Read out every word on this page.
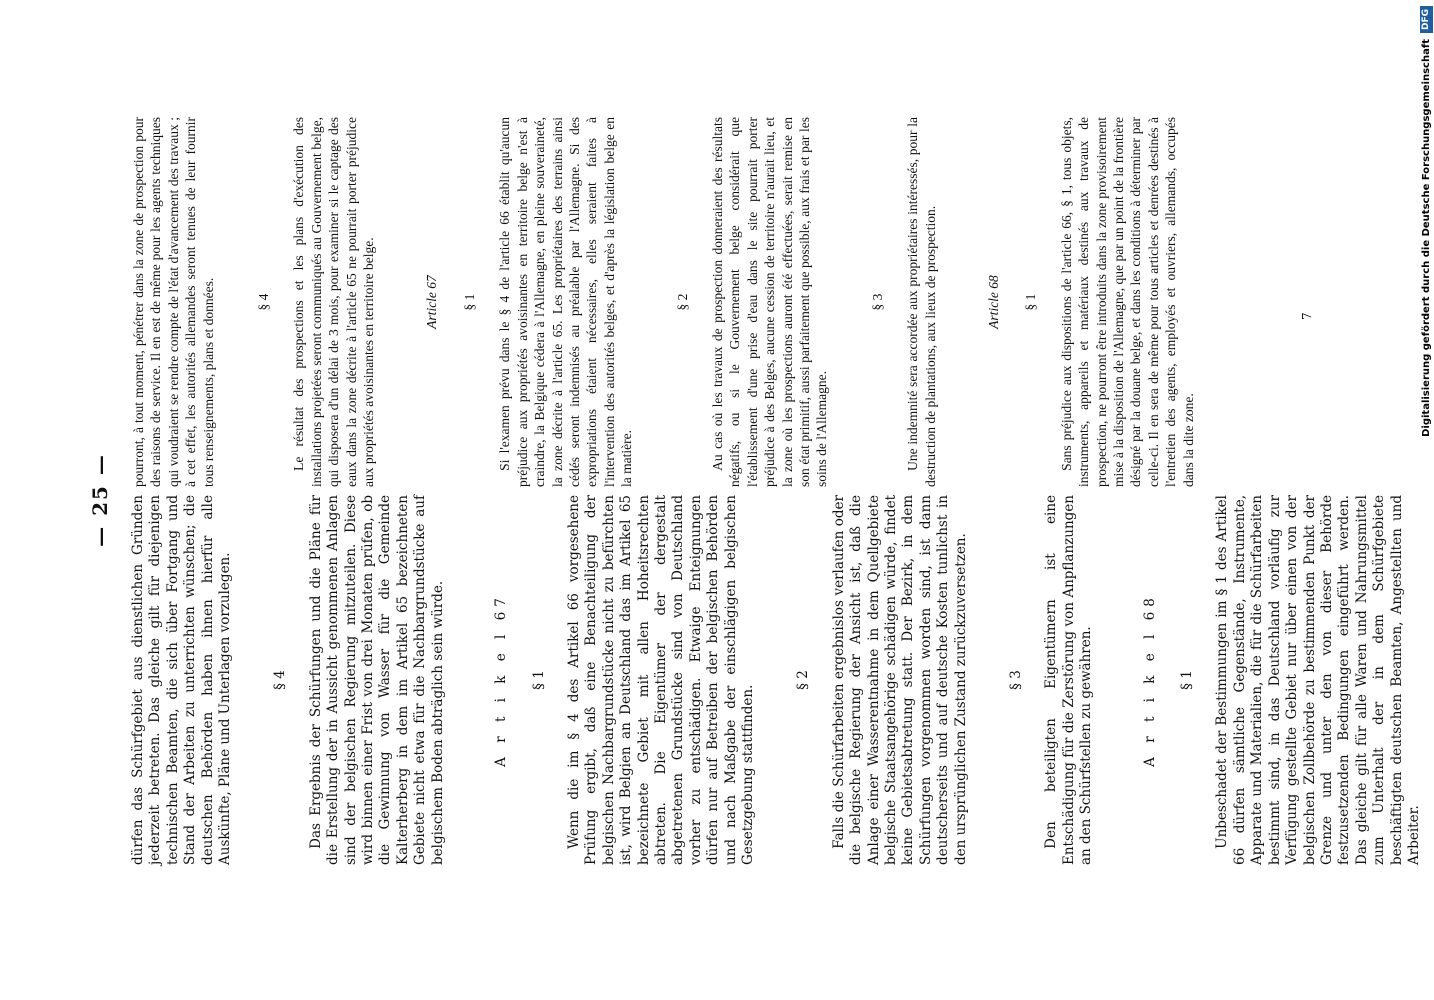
— 25 — dürfen das Schürfgebiet aus dienstlichen Gründen jederzeit betreten. Das gleiche gilt für diejenigen technischen Beamten, die sich über Fortgang und Stand der Arbeiten zu unterrichten wünschen; die deutschen Behörden haben ihnen hierfür alle Auskünfte, Pläne und Unterlagen vorzulegen.	§ 4 Das Ergebnis der Schürfungen und die Pläne für die Erstellung der in Aussicht genommenen Anlagen sind der belgischen Regierung mitzuteilen. Diese wird binnen einer Frist von drei Monaten prüfen, ob die Gewinnung von Wasser für die Gemeinde Kalterherberg in dem im Artikel 65 bezeichneten Gebiete nicht etwa für die Nachbargrundstücke auf belgischem Boden abträglich sein würde.	A r t i k e l 67 § 1 Wenn die im § 4 des Artikel 66 vorgesehene Prüfung ergibt, daß eine Benachteiligung der belgischen Nachbargrundstücke nicht zu befürchten ist, wird Belgien an Deutschland das im Artikel 65 bezeichnete Gebiet mit allen Hoheitsrechten abtreten. Die Eigentümer der dergestalt abgetretenen Grundstücke sind von Deutschland vorher zu entschädigen. Etwaige Enteignungen dürfen nur auf Betreiben der belgischen Behörden und nach Maßgabe der einschlägigen belgischen Gesetzgebung stattfinden.

§ 2 Falls die Schürfarbeiten ergebnislos verlaufen oder die belgische Regierung der Ansicht ist, daß die Anlage einer Wasserentnahme in dem Quellgebiete belgische Staatsangehörige schädigen würde, findet keine Gebietsabtretung statt. Der Bezirk, in dem Schürfungen vorgenommen worden sind, ist dann deutscherseits und auf deutsche Kosten tunlichst in den ursprünglichen Zustand zurückzuversetzen.	§ 3 Den beteiligten Eigentümern ist eine Entschädigung für die Zerstörung von Anpflanzungen an den Schürfstellen zu gewähren.	A r t i k e l 68 § 1 Unbeschadet der Bestimmungen im § 1 des Artikel 66 dürfen sämtliche Gegenstände, Instrumente, Apparate und Materialien, die für die Schürfarbeiten bestimmt sind, in das Deutschland vorläufig zur Verfügung gestellte Gebiet nur über einen von der belgischen Zollbehörde zu bestimmenden Punkt der Grenze und unter den von dieser Behörde festzusetzenden Bedingungen eingeführt werden. Das gleiche gilt für alle Waren und Nahrungsmittel zum Unterhalt der in dem Schürfgebiete beschäftigten deutschen Beamten, Angestellten und Arbeiter.

pourront, à tout moment, pénétrer dans la zone de prospection pour des raisons de service. Il en est de même pour les agents techniques qui voudraient se rendre compte de l'état d'avancement des travaux ; à cet effet, les autorités allemandes seront tenues de leur fournir tous renseignements, plans et données.	§ 4 Le résultat des prospections et les plans d'exécution des installations projetées seront communiqués au Gouvernement belge, qui disposera d'un délai de 3 mois, pour examiner si le captage des eaux dans la zone décrite à l'article 65 ne pourrait porter préjudice aux propriétés avoisinantes en territoire belge.	Article 67 § 1 Si l'examen prévu dans le § 4 de l'article 66 établit qu'aucun préjudice aux propriétés avoisinantes en territoire belge n'est à craindre, la Belgique cédera à l'Allemagne, en pleine souveraineté, la zone décrite à l'article 65. Les propriétaires des terrains ainsi cédés seront indemnisés au préalable par l'Allemagne. Si des expropriations étaient nécessaires, elles seraient faites à l'intervention des autorités belges, et d'après la législation belge en la matière.

§ 2 Au cas où les travaux de prospection donneraient des résultats négatifs, ou si le Gouvernement belge considérait que l'établissement d'une prise d'eau dans le site pourrait porter préjudice à des Belges, aucune cession de territoire n'aurait lieu, et la zone où les prospections auront été effectuées, serait remise en son état primitif, aussi parfaitement que possible, aux frais et par les soins de l'Allemagne.

§ 3 Une indemnité sera accordée aux propriétaires intéressés, pour la destruction de plantations, aux lieux de prospection.	Article 68 § 1 Sans préjudice aux dispositions de l'article 66, § 1, tous objets, instruments, appareils et matériaux destinés aux travaux de prospection, ne pourront être introduits dans la zone provisoirement mise à la disposition de l'Allemagne, que par un point de la frontière désigné par la douane belge, et dans les conditions à déterminer par celle-ci. Il en sera de même pour tous articles et denrées destinés à l'entretien des agents, employés et ouvriers, allemands, occupés dans la dite zone.

7	Digitalisierung gefördert durch die Deutsche Forschungsgemeinschaft
DFG
